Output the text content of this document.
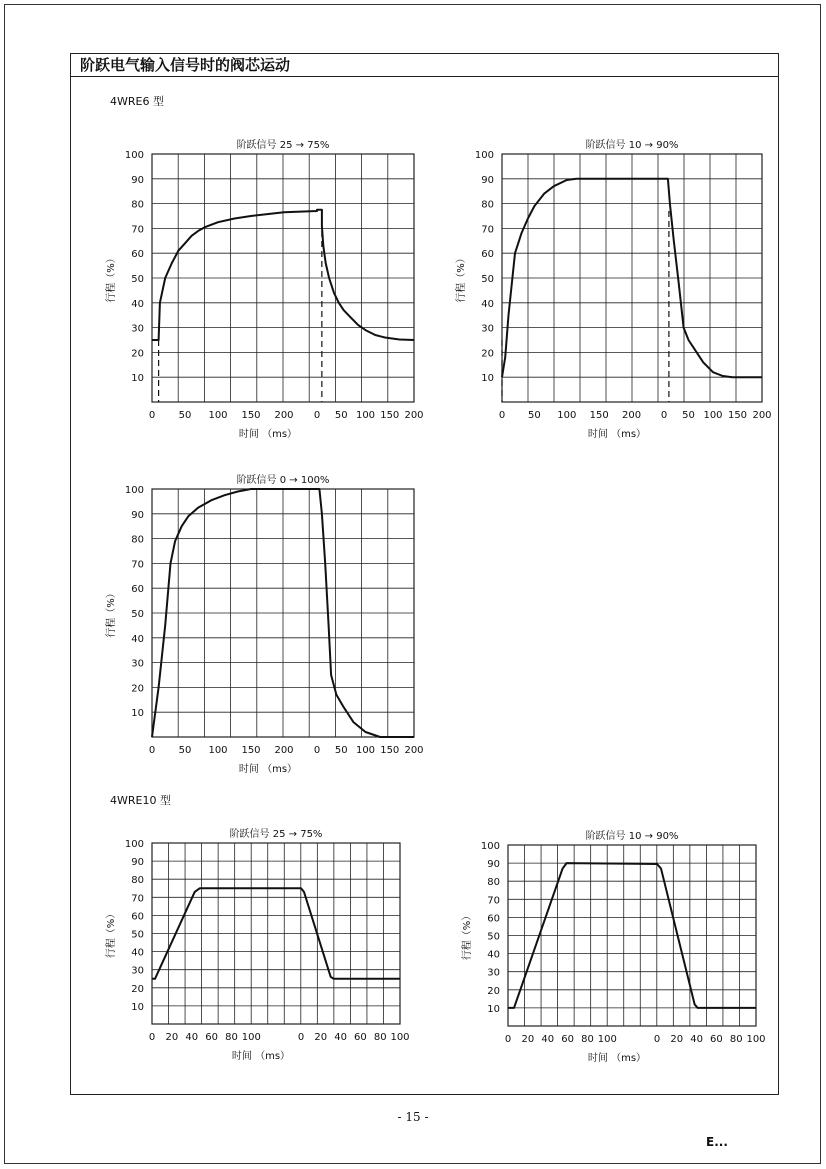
阶跃电气输入信号时的阀芯运动
4WRE6 型
4WRE10 型
10
20
30
40
50
60
70
80
90
100
0 50 100 150 200 0 50 100 150 200
阶跃信号 25 → 75%
时间 （ms）
行程（%）
10
20
30
40
50
60
70
80
90
100
0 50 100 150 200 0 50 100 150 200
阶跃信号 10 → 90%
时间 （ms）
行程（%）
10
20
30
40
50
60
70
80
90
100
0 50 100 150 200 0 50 100 150 200
阶跃信号 0 → 100%
时间 （ms）
行程（%）
10
20
30
40
50
60
70
80
90
100
0 20 40 60 80 100	0 20 40 60 80 100
阶跃信号 25 → 75%
时间 （ms）
行程（%）
10
20
30
40
50
60
70
80
90
100
0 20 40 60 80 100	0 20 40 60 80 100
阶跃信号 10 → 90%
时间 （ms）
行程（%）
- 15 -
E...
